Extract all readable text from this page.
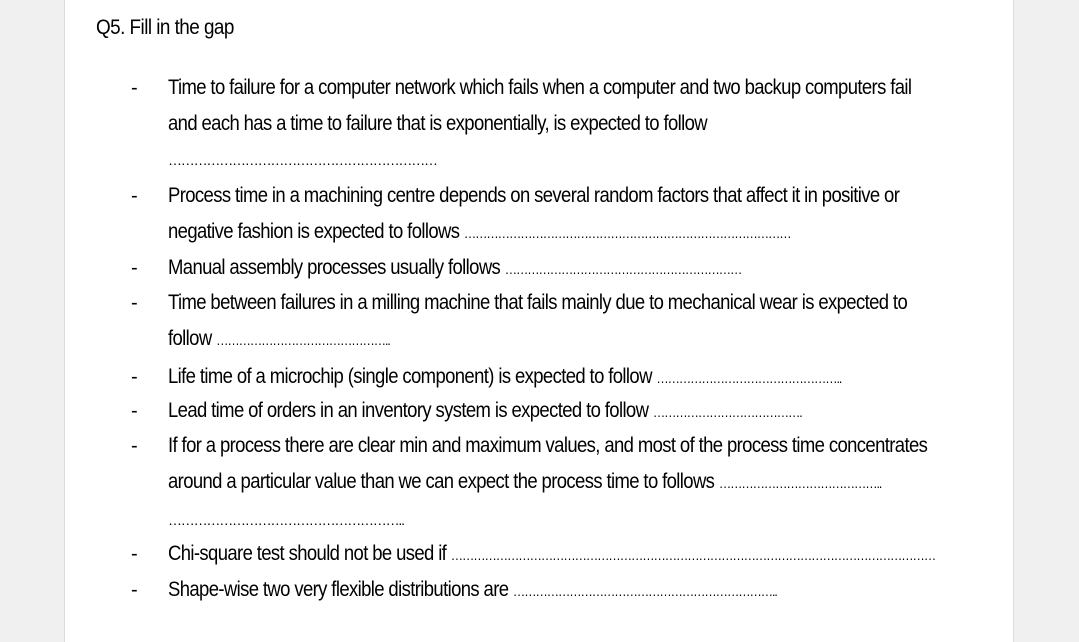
Q5. Fill in the gap
- Time to failure for a computer network which fails when a computer and two backup computers fail
and each has a time to failure that is exponentially, is expected to follow
………………………………………………………
- Process time in a machining centre depends on several random factors that affect it in positive or
negative fashion is expected to follows ……………………………………………………………………………
- Manual assembly processes usually follows ………………………………………………………
- Time between failures in a milling machine that fails mainly due to mechanical wear is expected to
follow ………………………………………..
- Life time of a microchip (single component) is expected to follow …………………………………………..
- Lead time of orders in an inventory system is expected to follow ………………………………….
- If for a process there are clear min and maximum values, and most of the process time concentrates
around a particular value than we can expect the process time to follows ……………………………………..
………………………………………………..
- Chi-square test should not be used if …………………………………………………………………………………………………………………
- Shape-wise two very flexible distributions are ……………………………………………………………..
